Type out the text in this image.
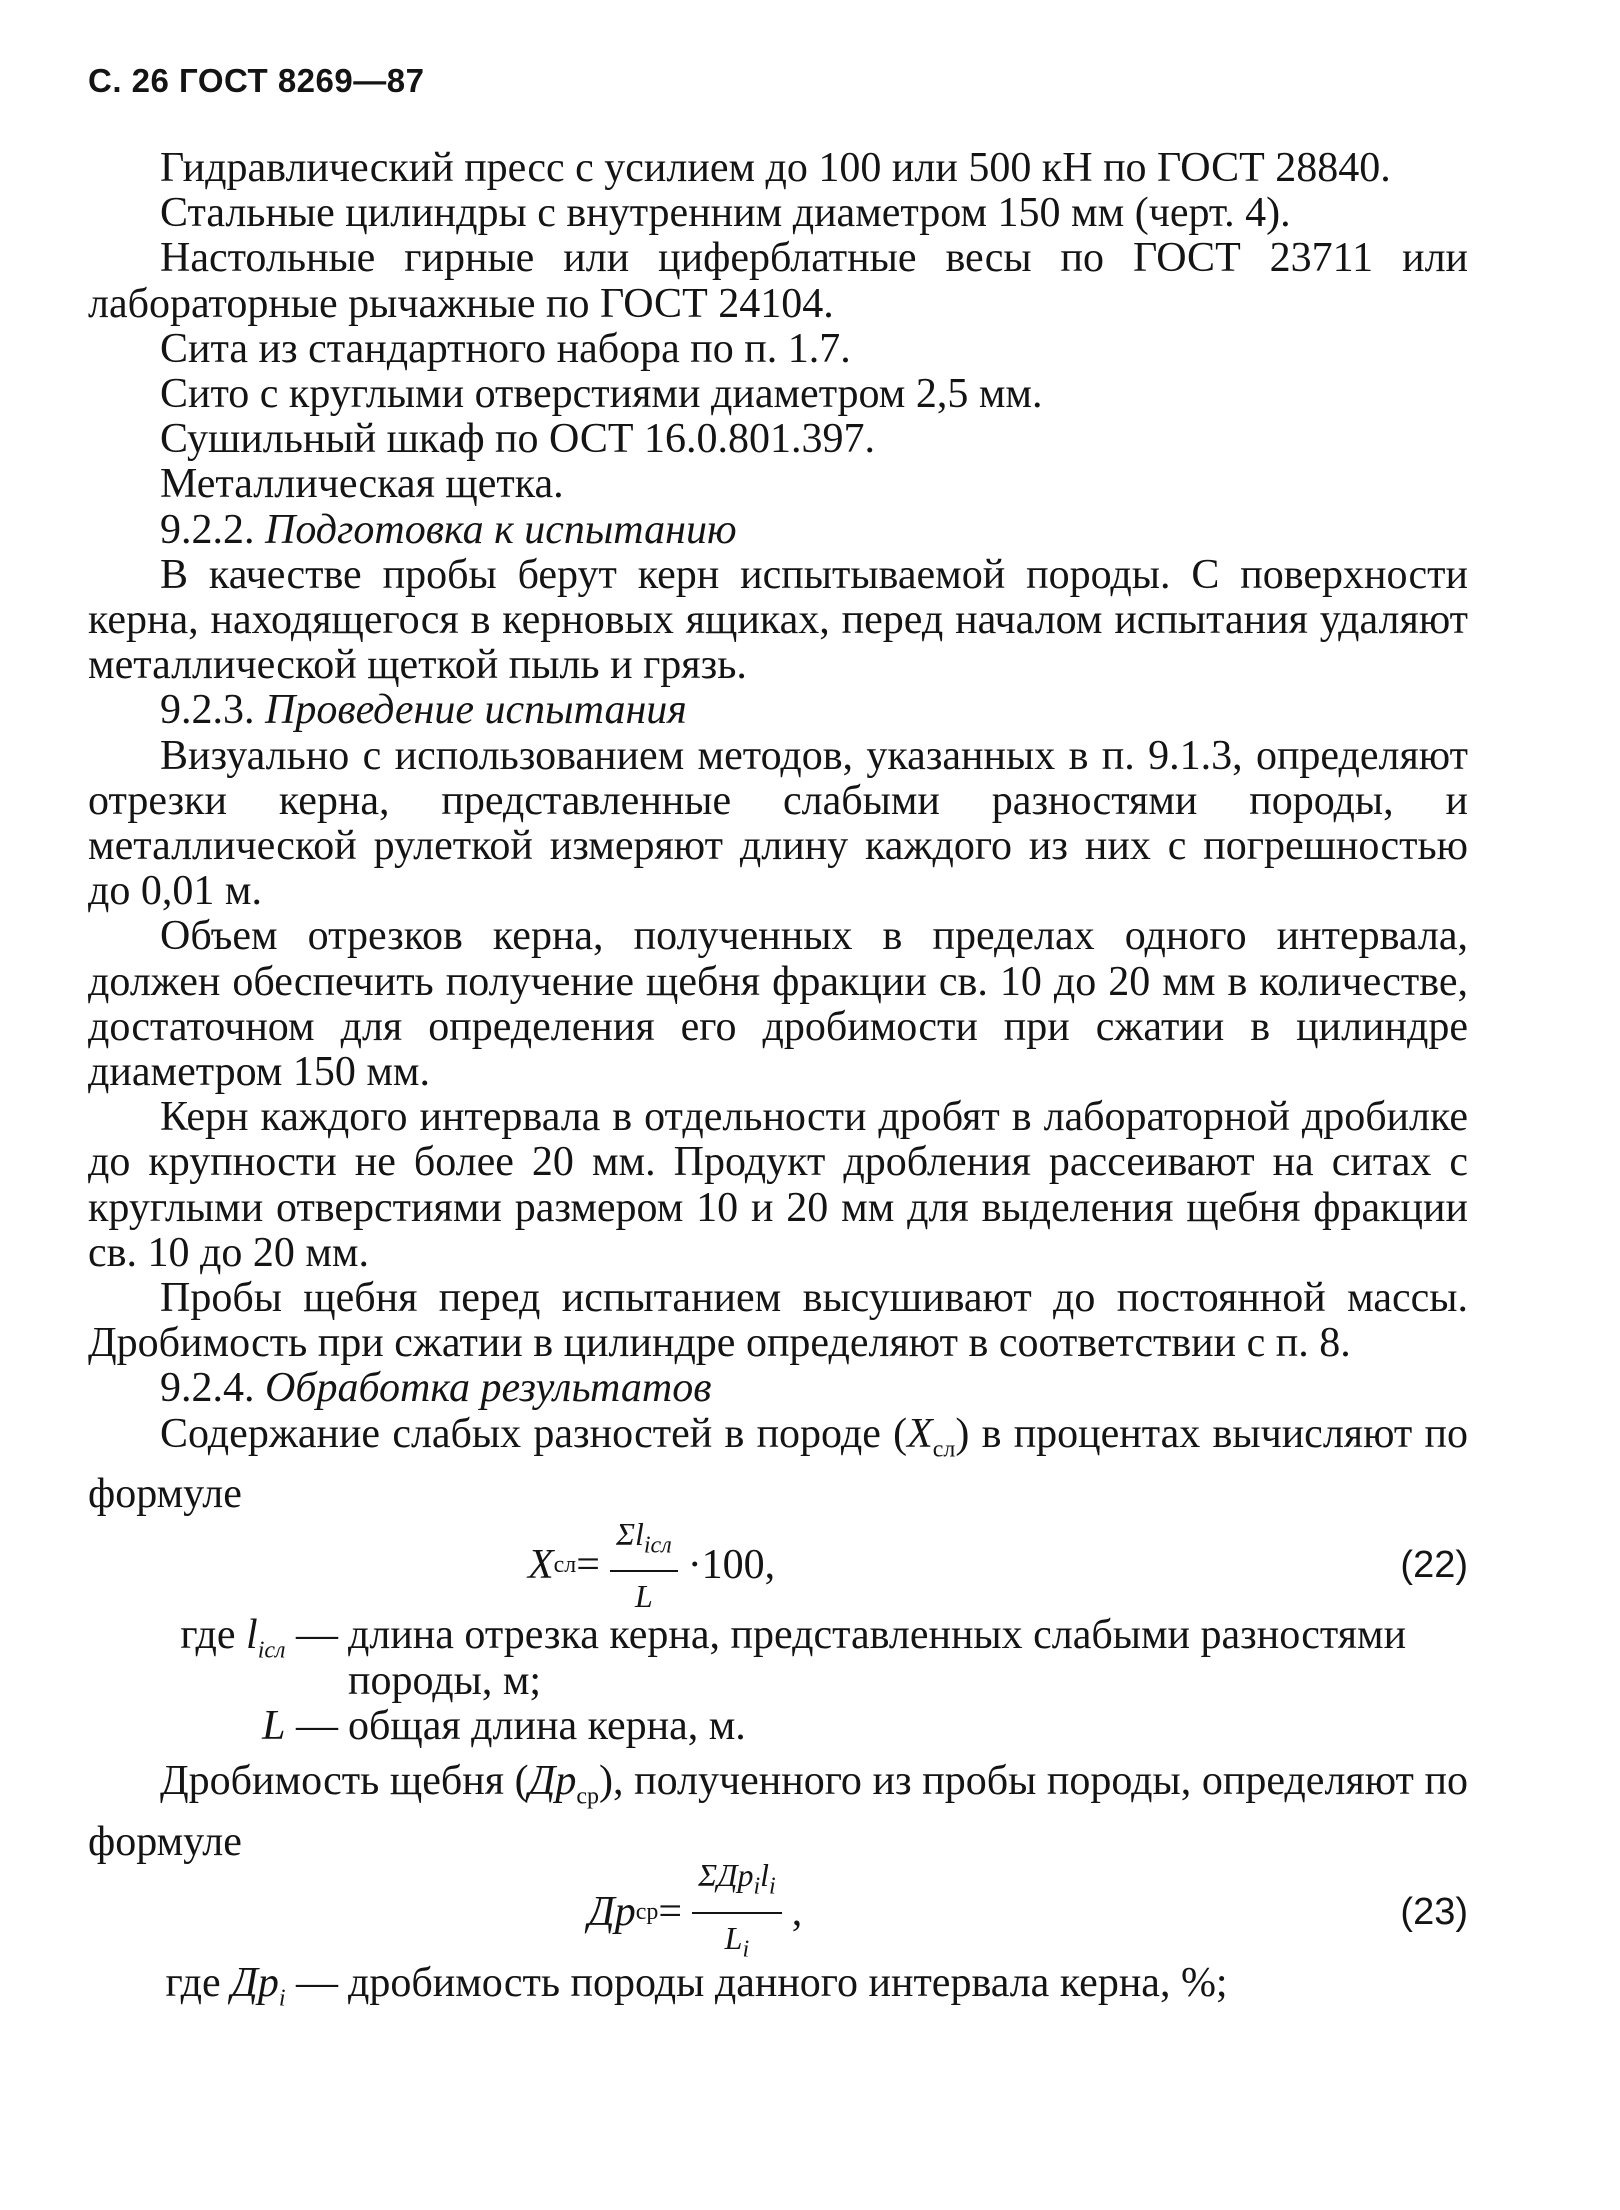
С. 26 ГОСТ 8269—87

Гидравлический пресс с усилием до 100 или 500 кН по ГОСТ 28840.

Стальные цилиндры с внутренним диаметром 150 мм (черт. 4).

Настольные гирные или циферблатные весы по ГОСТ 23711 или лабораторные рычажные по ГОСТ 24104.

Сита из стандартного набора по п. 1.7.

Сито с круглыми отверстиями диаметром 2,5 мм.

Сушильный шкаф по ОСТ 16.0.801.397.

Металлическая щетка.

9.2.2. Подготовка к испытанию

В качестве пробы берут керн испытываемой породы. С поверхности керна, находящегося в керновых ящиках, перед началом испытания удаляют металлической щеткой пыль и грязь.

9.2.3. Проведение испытания

Визуально с использованием методов, указанных в п. 9.1.3, определяют отрезки керна, представленные слабыми разностями породы, и металлической рулеткой измеряют длину каждого из них с погрешностью до 0,01 м.

Объем отрезков керна, полученных в пределах одного интервала, должен обеспечить получение щебня фракции св. 10 до 20 мм в количестве, достаточном для определения его дробимости при сжатии в цилиндре диаметром 150 мм.

Керн каждого интервала в отдельности дробят в лабораторной дробилке до крупности не более 20 мм. Продукт дробления рассеивают на ситах с круглыми отверстиями размером 10 и 20 мм для выделения щебня фракции св. 10 до 20 мм.

Пробы щебня перед испытанием высушивают до постоянной массы. Дробимость при сжатии в цилиндре определяют в соответствии с п. 8.

9.2.4. Обработка результатов

Содержание слабых разностей в породе $(X_{сл})$ в процентах вычисляют по формуле

X сл = $\frac{\Sigma l_{iсл}}{L} \cdot 100$,	(22)
где $l_{iсл}$ — длина отрезка керна, представленных слабыми разностями породы, м;
L — общая длина керна, м.

Дробимость щебня $(Др_{ср})$, полученного из пробы породы, определяют по формуле

Др ср = $\frac{\Sigma Др_il_i}{L_i}$ ,	(23)
где $Др_i$ — дробимость породы данного интервала керна, %;
